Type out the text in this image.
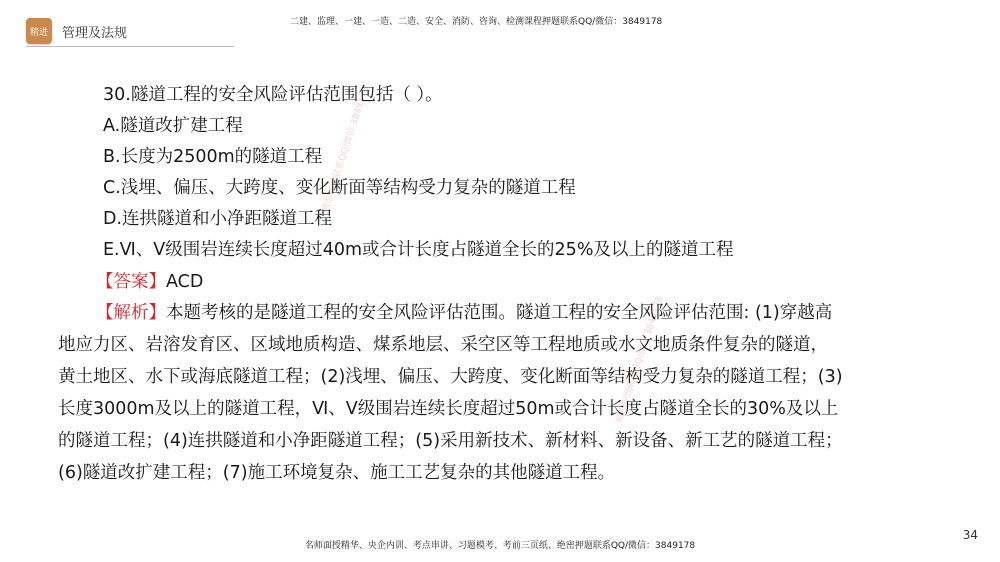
精进 管理及法规
二建、监理、一建、一造、二造、安全、消防、咨询、检测课程押题联系QQ/微信：3849178
精准押题联系QQ/微信 3849178
精准押题联系QQ/微信 3849178
30.隧道工程的安全风险评估范围包括（ ）。
A.隧道改扩建工程
B.长度为2500m的隧道工程
C.浅埋、偏压、大跨度、变化断面等结构受力复杂的隧道工程
D.连拱隧道和小净距隧道工程
E.Ⅵ、Ⅴ级围岩连续长度超过40m或合计长度占隧道全长的25%及以上的隧道工程
【答案】ACD
【解析】本题考核的是隧道工程的安全风险评估范围。隧道工程的安全风险评估范围: (1)穿越高
地应力区、岩溶发育区、区域地质构造、煤系地层、采空区等工程地质或水文地质条件复杂的隧道，
黄土地区、水下或海底隧道工程；(2)浅埋、偏压、大跨度、变化断面等结构受力复杂的隧道工程；(3)
长度3000m及以上的隧道工程，Ⅵ、Ⅴ级围岩连续长度超过50m或合计长度占隧道全长的30%及以上
的隧道工程；(4)连拱隧道和小净距隧道工程；(5)采用新技术、新材料、新设备、新工艺的隧道工程；
(6)隧道改扩建工程；(7)施工环境复杂、施工工艺复杂的其他隧道工程。
名师面授精华、央企内训、考点串讲、习题模考、考前三页纸、绝密押题联系QQ/微信：3849178
34
